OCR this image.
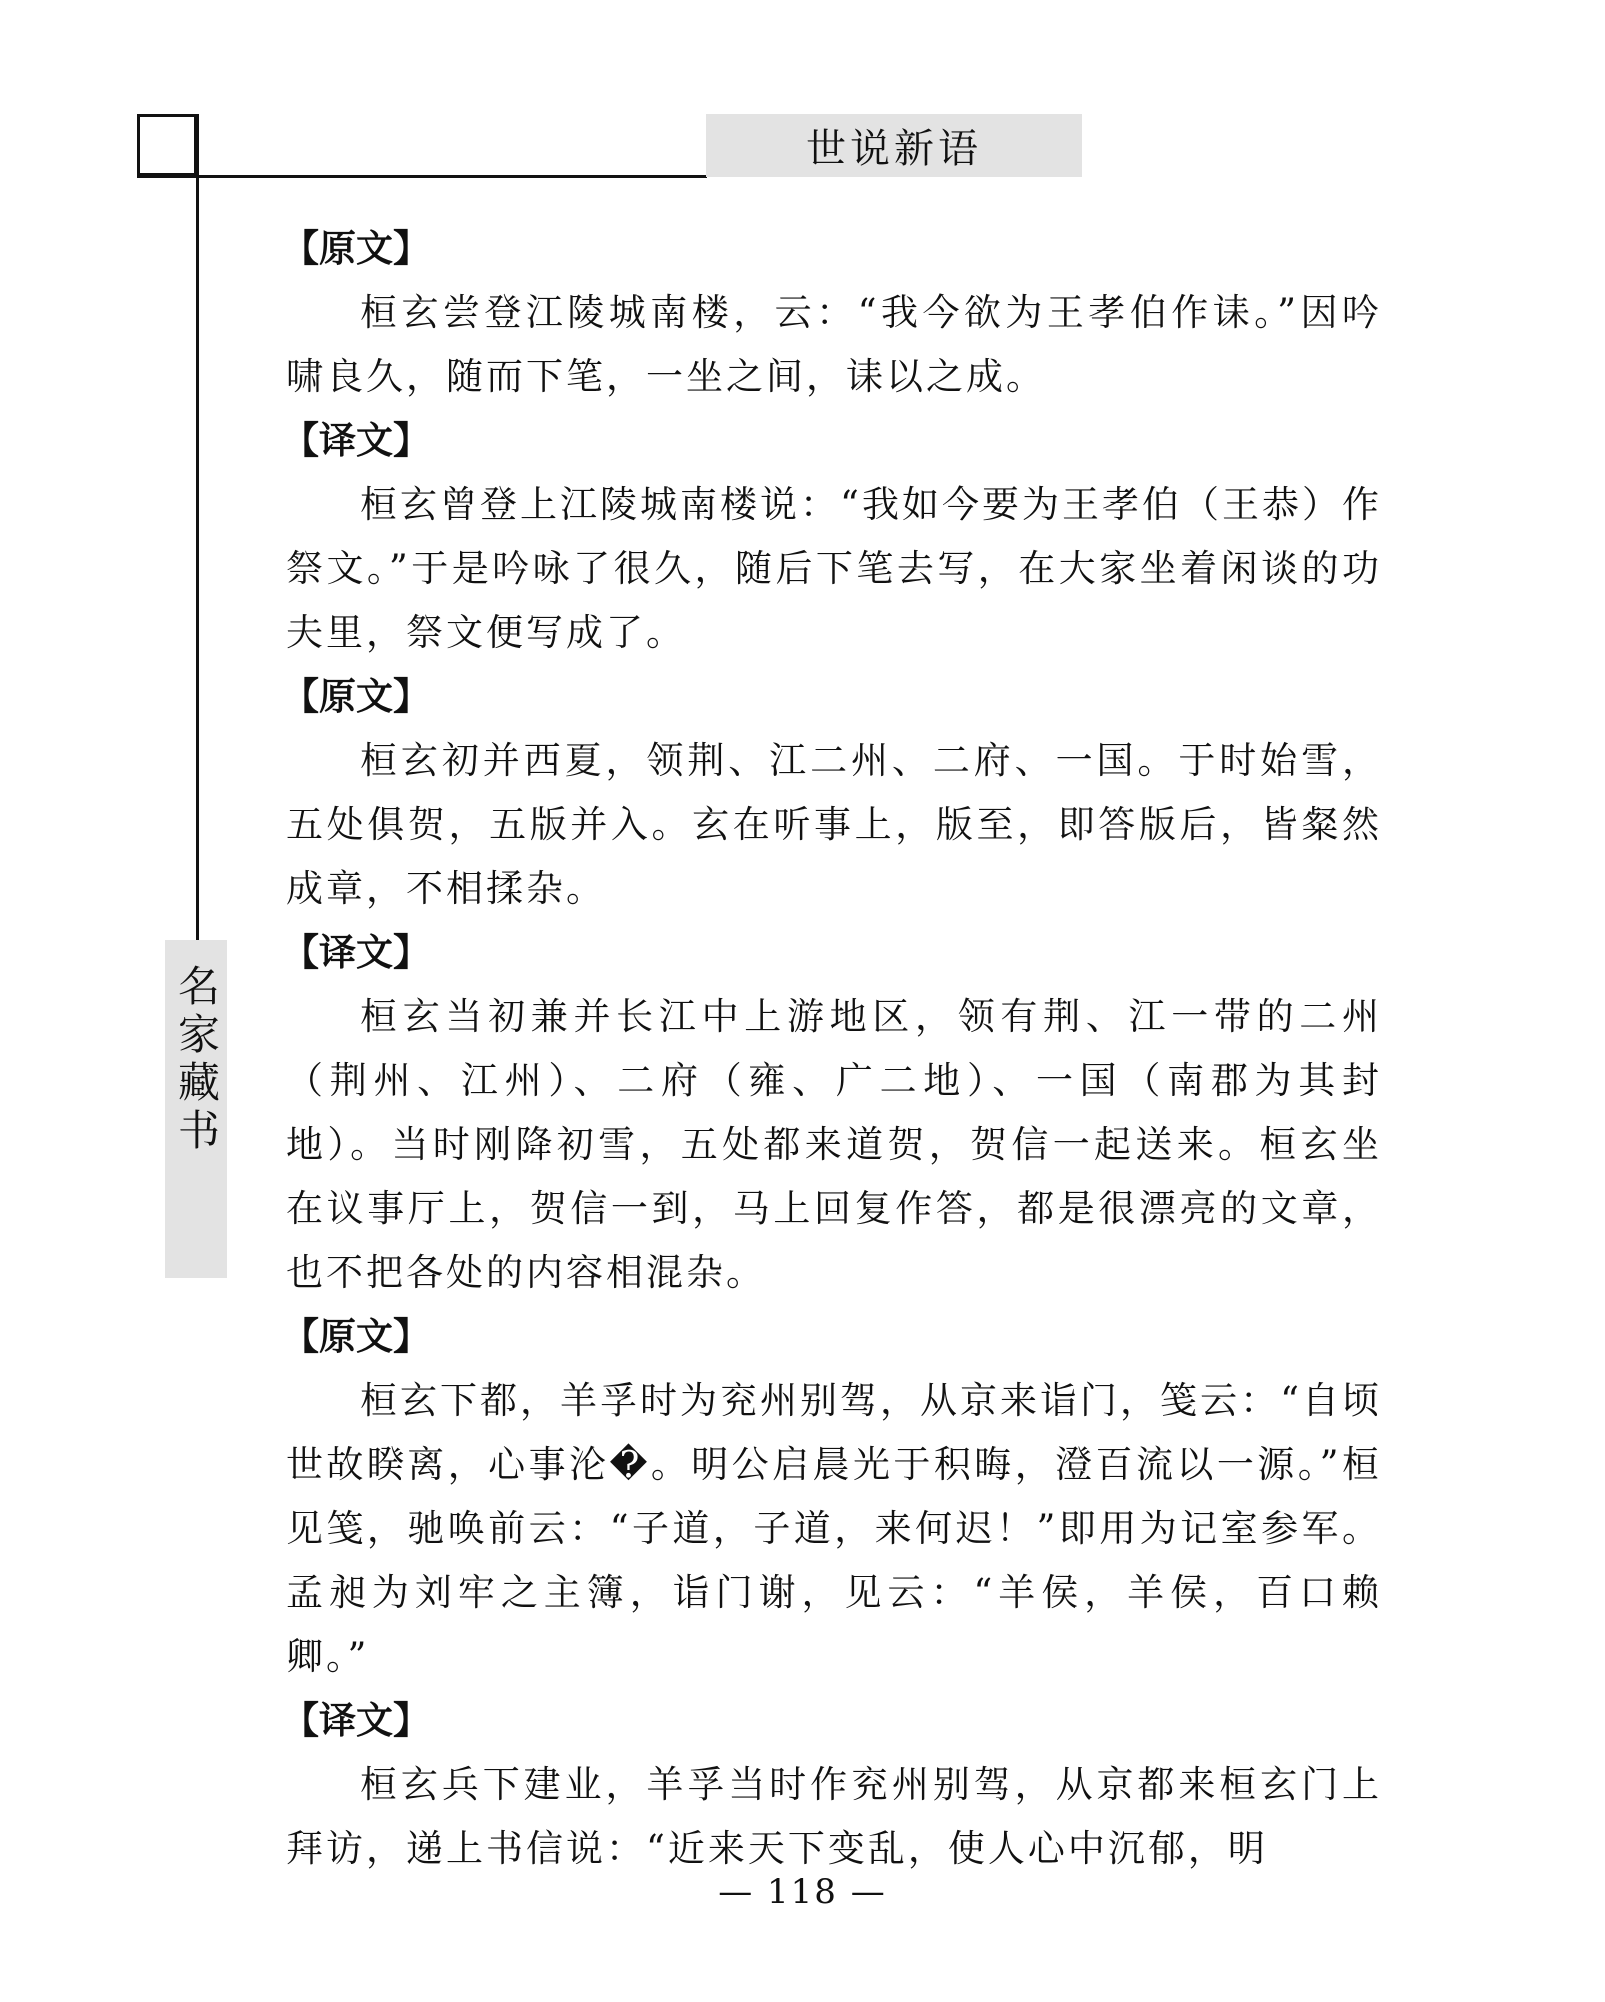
世说新语
名家藏书

【原文】

桓玄尝登江陵城南楼，云：“我今欲为王孝伯作诔。”因吟啸良久，随而下笔，一坐之间，诔以之成。

【译文】

桓玄曾登上江陵城南楼说：“我如今要为王孝伯（王恭）作祭文。”于是吟咏了很久，随后下笔去写，在大家坐着闲谈的功夫里，祭文便写成了。

【原文】

桓玄初并西夏，领荆、江二州、二府、一国。于时始雪，五处俱贺，五版并入。玄在听事上，版至，即答版后，皆粲然成章，不相揉杂。

【译文】

桓玄当初兼并长江中上游地区，领有荆、江一带的二州（荆州、江州）、二府（雍、广二地）、一国（南郡为其封地）。当时刚降初雪，五处都来道贺，贺信一起送来。桓玄坐在议事厅上，贺信一到，马上回复作答，都是很漂亮的文章，也不把各处的内容相混杂。

【原文】

桓玄下都，羊孚时为兖州别驾，从京来诣门，笺云：“自顷世故睽离，心事沦�。明公启晨光于积晦，澄百流以一源。”桓见笺，驰唤前云：“子道，子道，来何迟！”即用为记室参军。孟昶为刘牢之主簿，诣门谢，见云：“羊侯，羊侯，百口赖卿。”

【译文】

桓玄兵下建业，羊孚当时作兖州别驾，从京都来桓玄门上拜访，递上书信说：“近来天下变乱，使人心中沉郁，明

— 118 —
